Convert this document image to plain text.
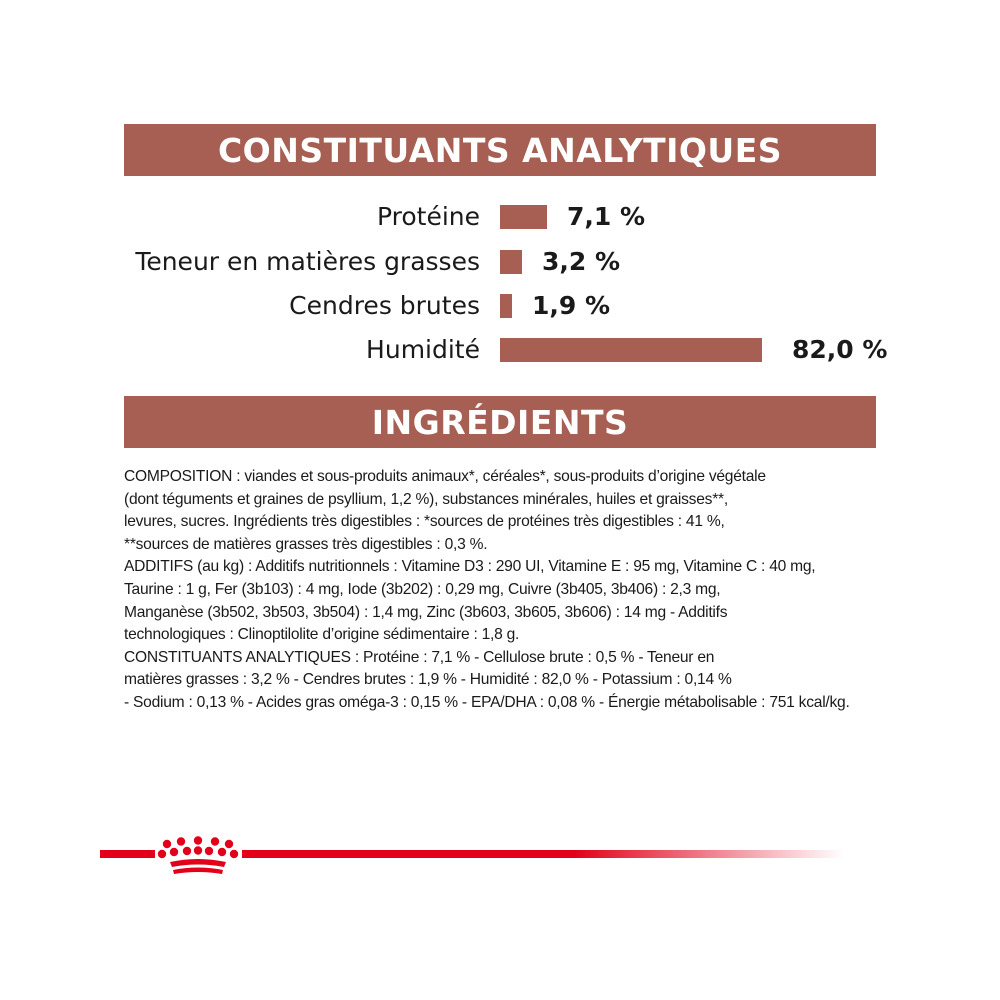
CONSTITUANTS ANALYTIQUES
Protéine	7,1 %
Teneur en matières grasses 3,2 %
Cendres brutes 1,9 %
Humidité	82,0 %
INGRÉDIENTS

COMPOSITION : viandes et sous-produits animaux*, céréales*, sous-produits d’origine végétale

(dont téguments et graines de psyllium, 1,2 %), substances minérales, huiles et graisses**,

levures, sucres. Ingrédients très digestibles : *sources de protéines très digestibles : 41 %,

**sources de matières grasses très digestibles : 0,3 %.

ADDITIFS (au kg) : Additifs nutritionnels : Vitamine D3 : 290 UI, Vitamine E : 95 mg, Vitamine C : 40 mg,

Taurine : 1 g, Fer (3b103) : 4 mg, Iode (3b202) : 0,29 mg, Cuivre (3b405, 3b406) : 2,3 mg,

Manganèse (3b502, 3b503, 3b504) : 1,4 mg, Zinc (3b603, 3b605, 3b606) : 14 mg - Additifs

technologiques : Clinoptilolite d’origine sédimentaire : 1,8 g.

CONSTITUANTS ANALYTIQUES : Protéine : 7,1 % - Cellulose brute : 0,5 % - Teneur en

matières grasses : 3,2 % - Cendres brutes : 1,9 % - Humidité : 82,0 % - Potassium : 0,14 %

- Sodium : 0,13 % - Acides gras oméga-3 : 0,15 % - EPA/DHA : 0,08 % - Énergie métabolisable : 751 kcal/kg.
